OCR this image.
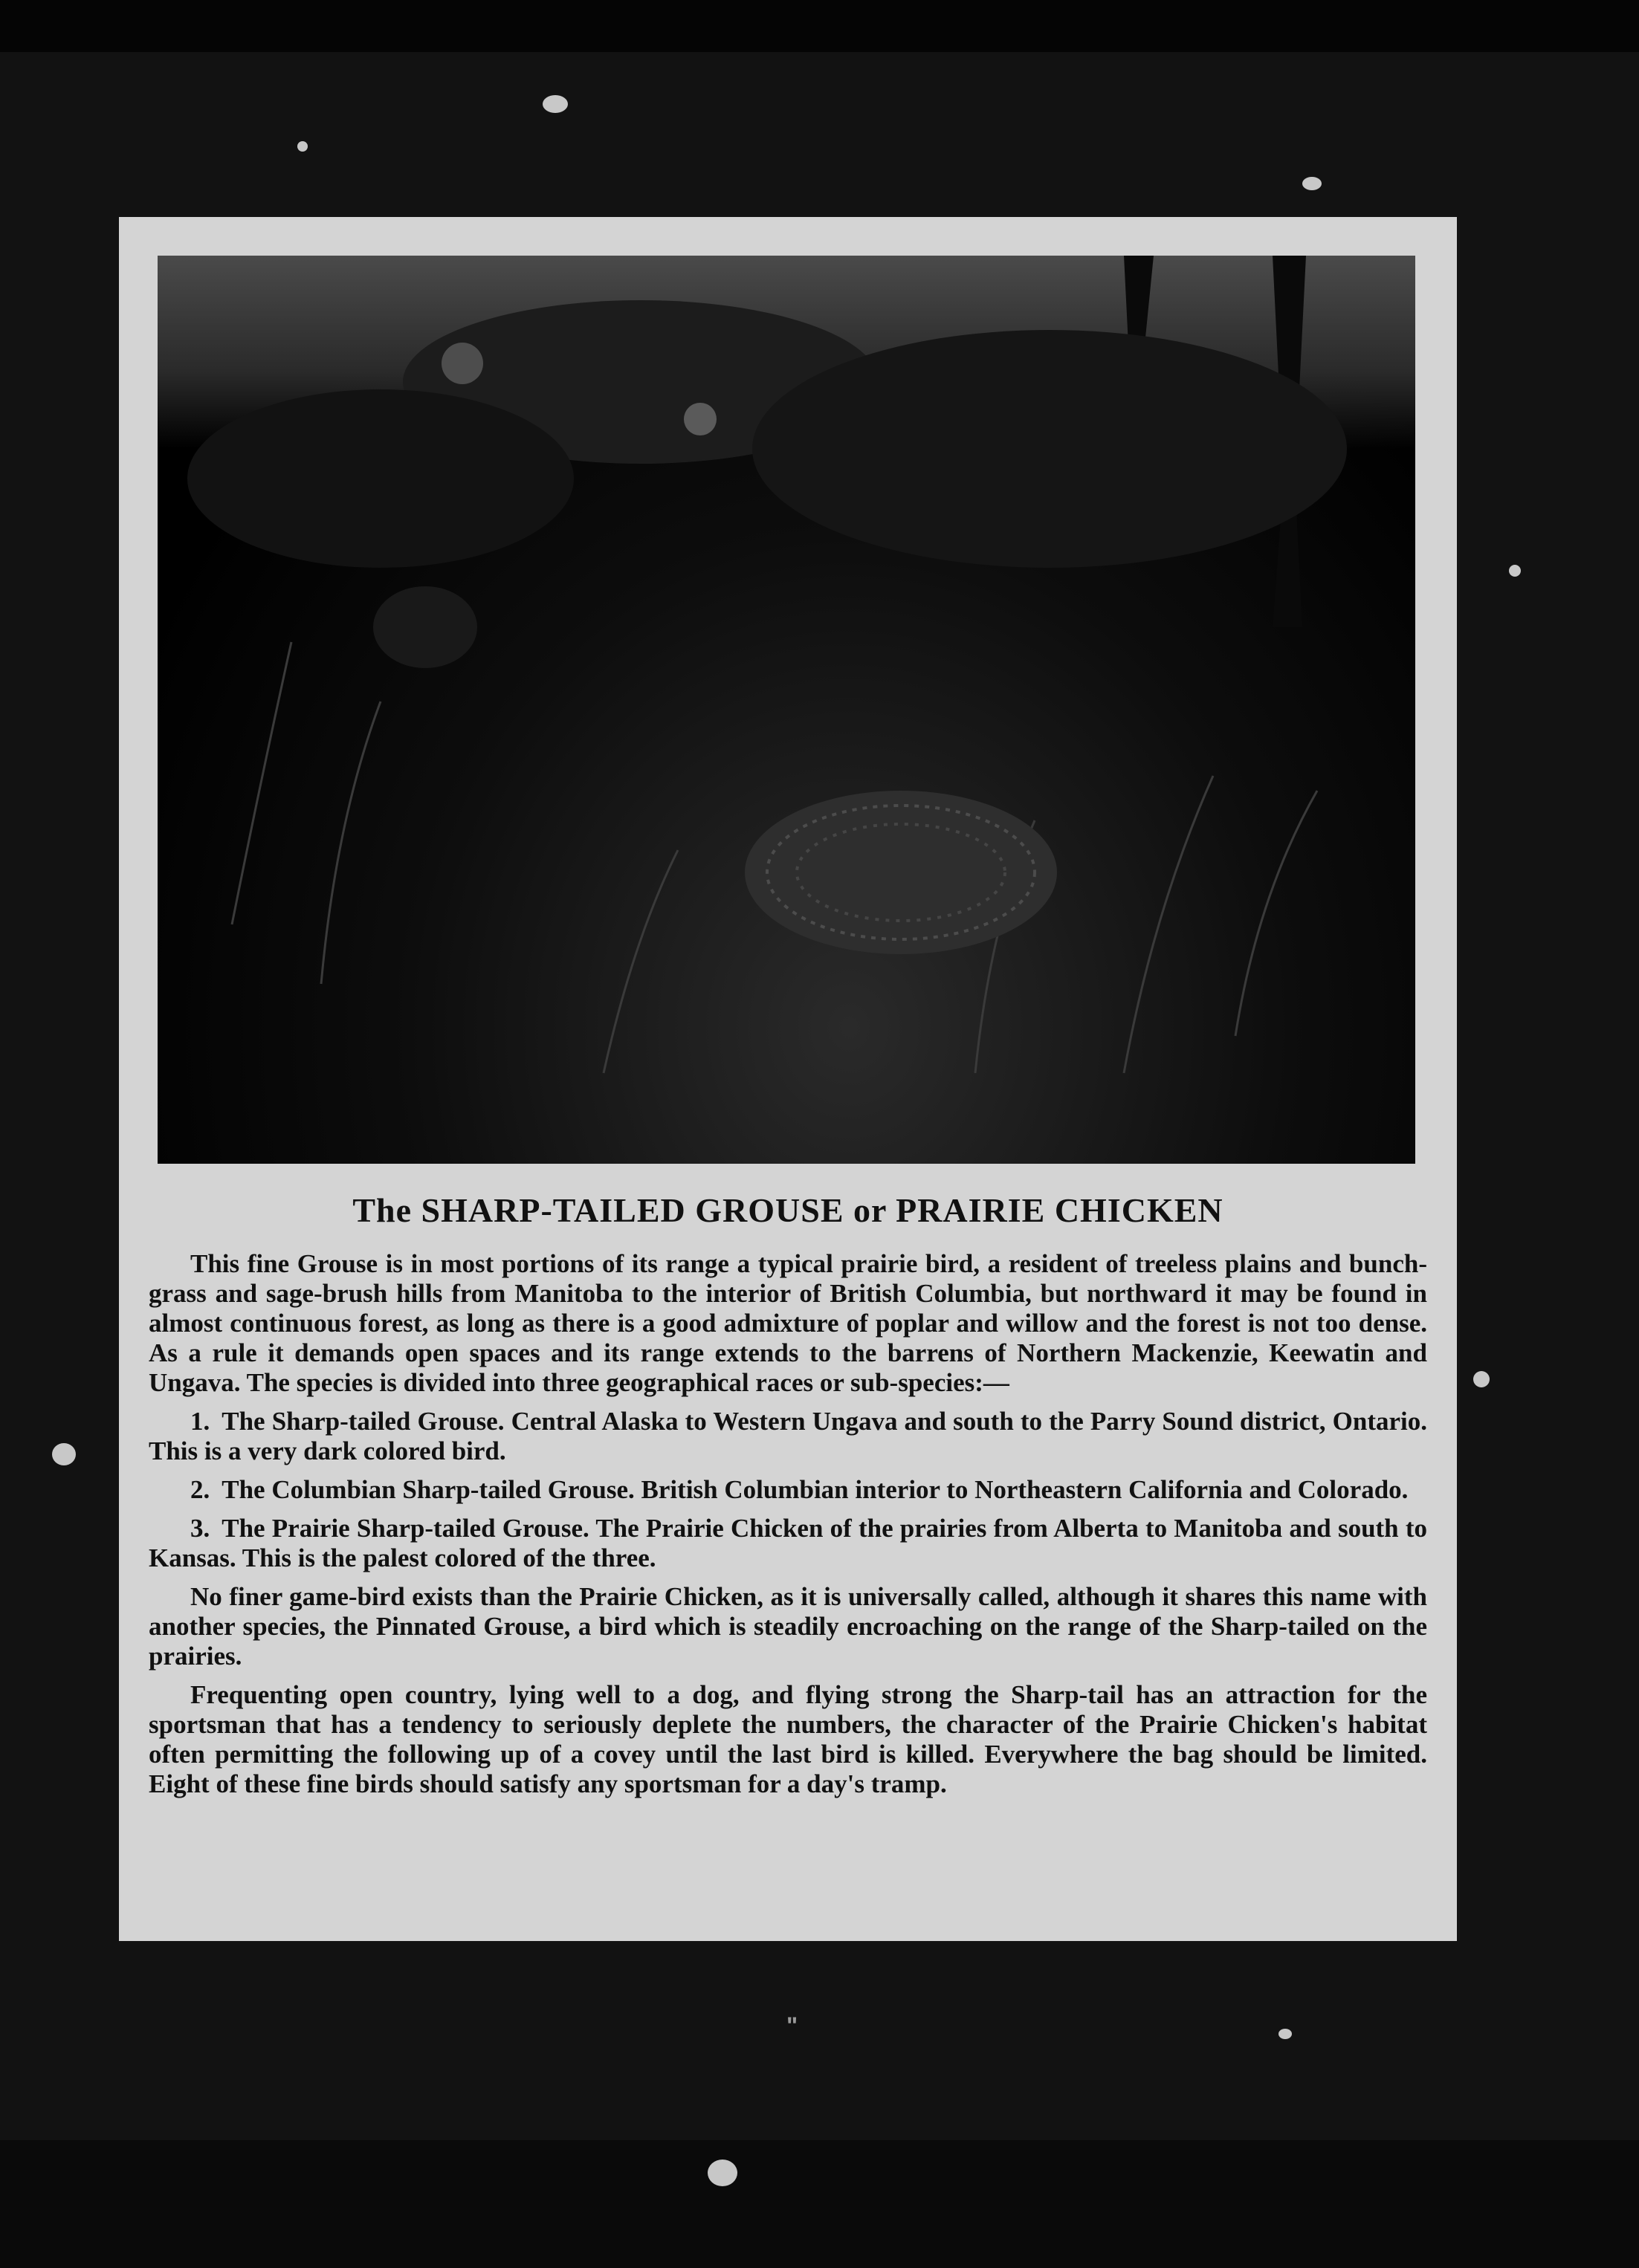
The SHARP-TAILED GROUSE or PRAIRIE CHICKEN

This fine Grouse is in most portions of its range a typical prairie bird, a resident of treeless plains and bunch-grass and sage-brush hills from Manitoba to the interior of British Columbia, but northward it may be found in almost continuous forest, as long as there is a good admixture of poplar and willow and the forest is not too dense. As a rule it demands open spaces and its range extends to the barrens of Northern Mackenzie, Keewatin and Ungava. The species is divided into three geographical races or sub-species:—

1. The Sharp-tailed Grouse. Central Alaska to Western Ungava and south to the Parry Sound district, Ontario. This is a very dark colored bird.

2. The Columbian Sharp-tailed Grouse. British Columbian interior to Northeastern California and Colorado.

3. The Prairie Sharp-tailed Grouse. The Prairie Chicken of the prairies from Alberta to Manitoba and south to Kansas. This is the palest colored of the three.

No finer game-bird exists than the Prairie Chicken, as it is universally called, although it shares this name with another species, the Pinnated Grouse, a bird which is steadily encroaching on the range of the Sharp-tailed on the prairies.

Frequenting open country, lying well to a dog, and flying strong the Sharp-tail has an attraction for the sportsman that has a tendency to seriously deplete the numbers, the character of the Prairie Chicken's habitat often permitting the following up of a covey until the last bird is killed. Everywhere the bag should be limited. Eight of these fine birds should satisfy any sportsman for a day's tramp.

"
